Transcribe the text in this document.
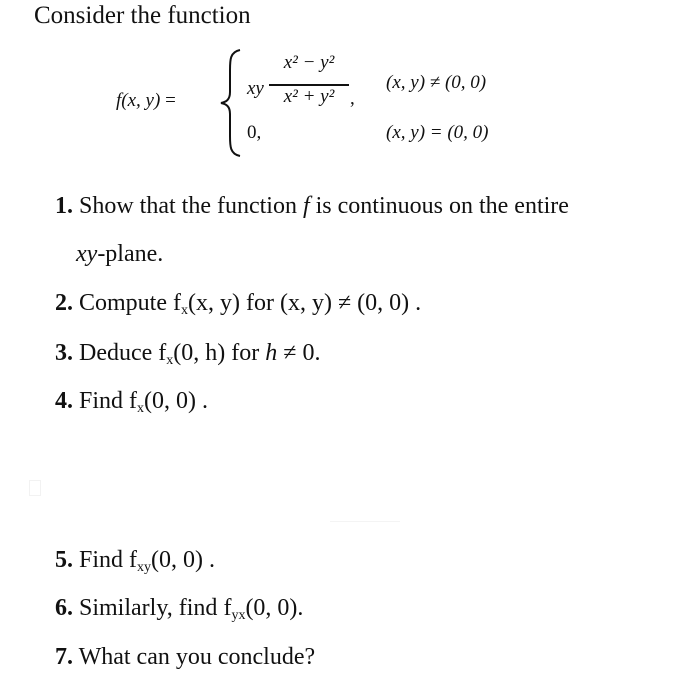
Consider the function
f(x, y) =
xy
x² − y²
x² + y² ,
0,
(x, y) ≠ (0, 0)
(x, y) = (0, 0)
1. Show that the function f is continuous on the entire
xy-plane.
2. Compute $f_x(x$, y) for (x, y) ≠ (0, 0) .
3. Deduce $f_x(0$, h) for h ≠ 0.
4. Find $f_x(0$, 0) .
5. Find $f_{xy}(0$, 0) .
6. Similarly, find $f_{yx}(0$, 0).
7. What can you conclude?
